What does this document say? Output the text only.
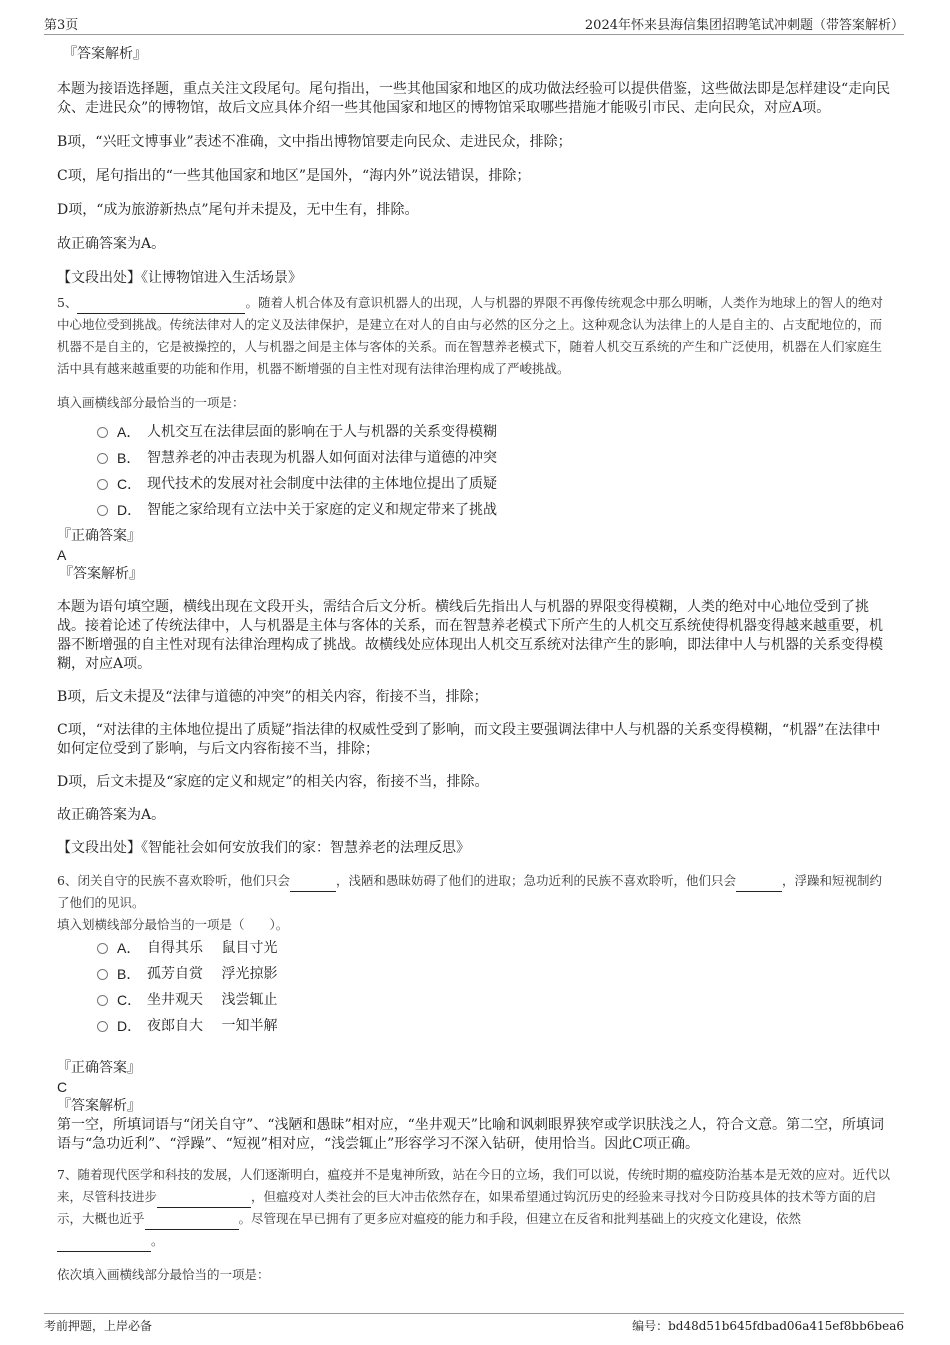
第3页	2024年怀来县海信集团招聘笔试冲刺题（带答案解析）
『答案解析』
本题为接语选择题，重点关注文段尾句。尾句指出，一些其他国家和地区的成功做法经验可以提供借鉴，这些做法即是怎样建设“走向民众、走进民众”的博物馆，故后文应具体介绍一些其他国家和地区的博物馆采取哪些措施才能吸引市民、走向民众，对应A项。
B项，“兴旺文博事业”表述不准确，文中指出博物馆要走向民众、走进民众，排除；
C项，尾句指出的“一些其他国家和地区”是国外，“海内外”说法错误，排除；
D项，“成为旅游新热点”尾句并未提及，无中生有，排除。
故正确答案为A。
【文段出处】《让博物馆进入生活场景》
5、	。随着人机合体及有意识机器人的出现，人与机器的界限不再像传统观念中那么明晰，人类作为地球上的智人的绝对中心地位受到挑战。传统法律对人的定义及法律保护，是建立在对人的自由与必然的区分之上。这种观念认为法律上的人是自主的、占支配地位的，而机器不是自主的，它是被操控的，人与机器之间是主体与客体的关系。而在智慧养老模式下，随着人机交互系统的产生和广泛使用，机器在人们家庭生活中具有越来越重要的功能和作用，机器不断增强的自主性对现有法律治理构成了严峻挑战。
填入画横线部分最恰当的一项是：
A． 人机交互在法律层面的影响在于人与机器的关系变得模糊
B． 智慧养老的冲击表现为机器人如何面对法律与道德的冲突
C． 现代技术的发展对社会制度中法律的主体地位提出了质疑
D． 智能之家给现有立法中关于家庭的定义和规定带来了挑战
『正确答案』
A
『答案解析』
本题为语句填空题，横线出现在文段开头，需结合后文分析。横线后先指出人与机器的界限变得模糊，人类的绝对中心地位受到了挑战。接着论述了传统法律中，人与机器是主体与客体的关系，而在智慧养老模式下所产生的人机交互系统使得机器变得越来越重要，机器不断增强的自主性对现有法律治理构成了挑战。故横线处应体现出人机交互系统对法律产生的影响，即法律中人与机器的关系变得模糊，对应A项。
B项，后文未提及“法律与道德的冲突”的相关内容，衔接不当，排除；
C项，“对法律的主体地位提出了质疑”指法律的权威性受到了影响，而文段主要强调法律中人与机器的关系变得模糊，“机器”在法律中如何定位受到了影响，与后文内容衔接不当，排除；
D项，后文未提及“家庭的定义和规定”的相关内容，衔接不当，排除。
故正确答案为A。
【文段出处】《智能社会如何安放我们的家：智慧养老的法理反思》
6、闭关自守的民族不喜欢聆听，他们只会	，浅陋和愚昧妨碍了他们的进取；急功近利的民族不喜欢聆听，他们只会	，浮躁和短视制约了他们的见识。
填入划横线部分最恰当的一项是（　　）。
A． 自得其乐　 鼠目寸光
B． 孤芳自赏　 浮光掠影
C． 坐井观天　 浅尝辄止
D． 夜郎自大　 一知半解
『正确答案』
C
『答案解析』
第一空，所填词语与“闭关自守”、“浅陋和愚昧”相对应，“坐井观天”比喻和讽刺眼界狭窄或学识肤浅之人，符合文意。第二空，所填词语与“急功近利”、“浮躁”、“短视”相对应，“浅尝辄止”形容学习不深入钻研，使用恰当。因此C项正确。
7、随着现代医学和科技的发展，人们逐渐明白，瘟疫并不是鬼神所致，站在今日的立场，我们可以说，传统时期的瘟疫防治基本是无效的应对。近代以来，尽管科技进步	，但瘟疫对人类社会的巨大冲击依然存在，如果希望通过钩沉历史的经验来寻找对今日防疫具体的技术等方面的启示，大概也近乎	。尽管现在早已拥有了更多应对瘟疫的能力和手段，但建立在反省和批判基础上的灾疫文化建设，依然。
依次填入画横线部分最恰当的一项是：
考前押题，上岸必备	编号：bd48d51b645fdbad06a415ef8bb6bea6
